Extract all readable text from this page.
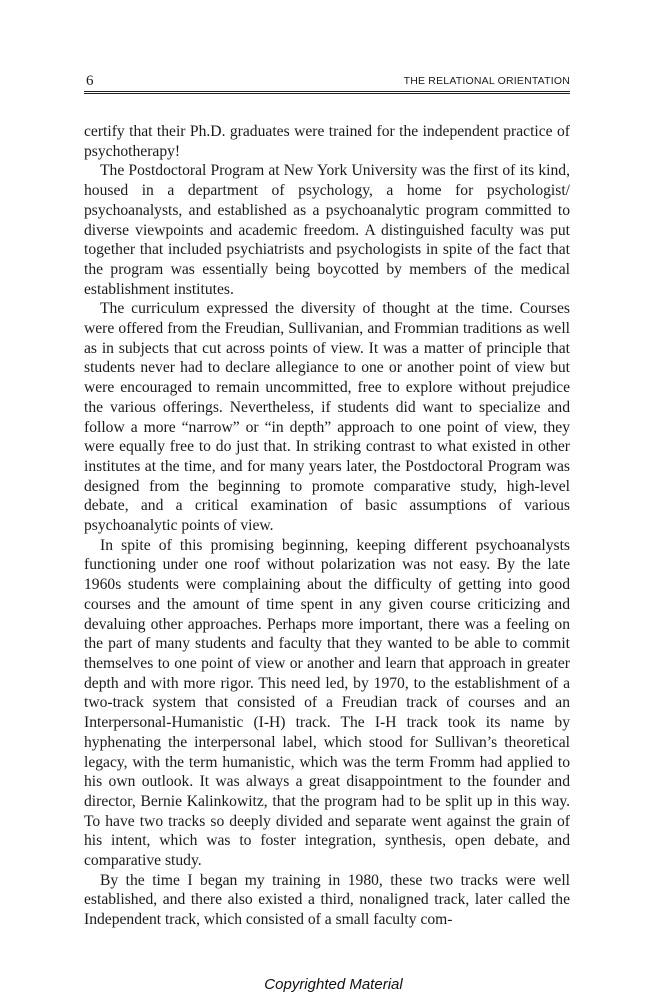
6	THE RELATIONAL ORIENTATION

certify that their Ph.D. graduates were trained for the independent practice of psychotherapy!

The Postdoctoral Program at New York University was the first of its kind, housed in a department of psychology, a home for psychologist/ psychoanalysts, and established as a psychoanalytic program committed to diverse viewpoints and academic freedom. A distinguished faculty was put together that included psychiatrists and psychologists in spite of the fact that the program was essentially being boycotted by members of the medical establishment institutes.

The curriculum expressed the diversity of thought at the time. Courses were offered from the Freudian, Sullivanian, and Frommian traditions as well as in subjects that cut across points of view. It was a matter of principle that students never had to declare allegiance to one or another point of view but were encouraged to remain uncommitted, free to explore without prejudice the various offerings. Nevertheless, if students did want to specialize and follow a more “narrow” or “in depth” approach to one point of view, they were equally free to do just that. In striking contrast to what existed in other institutes at the time, and for many years later, the Postdoctoral Program was designed from the beginning to promote comparative study, high-level debate, and a critical examination of basic assumptions of various psychoanalytic points of view.

In spite of this promising beginning, keeping different psychoanalysts functioning under one roof without polarization was not easy. By the late 1960s students were complaining about the difficulty of getting into good courses and the amount of time spent in any given course criticizing and devaluing other approaches. Perhaps more important, there was a feeling on the part of many students and faculty that they wanted to be able to commit themselves to one point of view or another and learn that approach in greater depth and with more rigor. This need led, by 1970, to the establishment of a two-track system that consisted of a Freudian track of courses and an Interpersonal-Humanistic (I-H) track. The I-H track took its name by hyphenating the interpersonal label, which stood for Sullivan’s theoretical legacy, with the term humanistic, which was the term Fromm had applied to his own outlook. It was always a great disappointment to the founder and director, Bernie Kalinkowitz, that the program had to be split up in this way. To have two tracks so deeply divided and separate went against the grain of his intent, which was to foster integration, synthesis, open debate, and comparative study.

By the time I began my training in 1980, these two tracks were well established, and there also existed a third, nonaligned track, later called the Independent track, which consisted of a small faculty com-

Copyrighted Material
